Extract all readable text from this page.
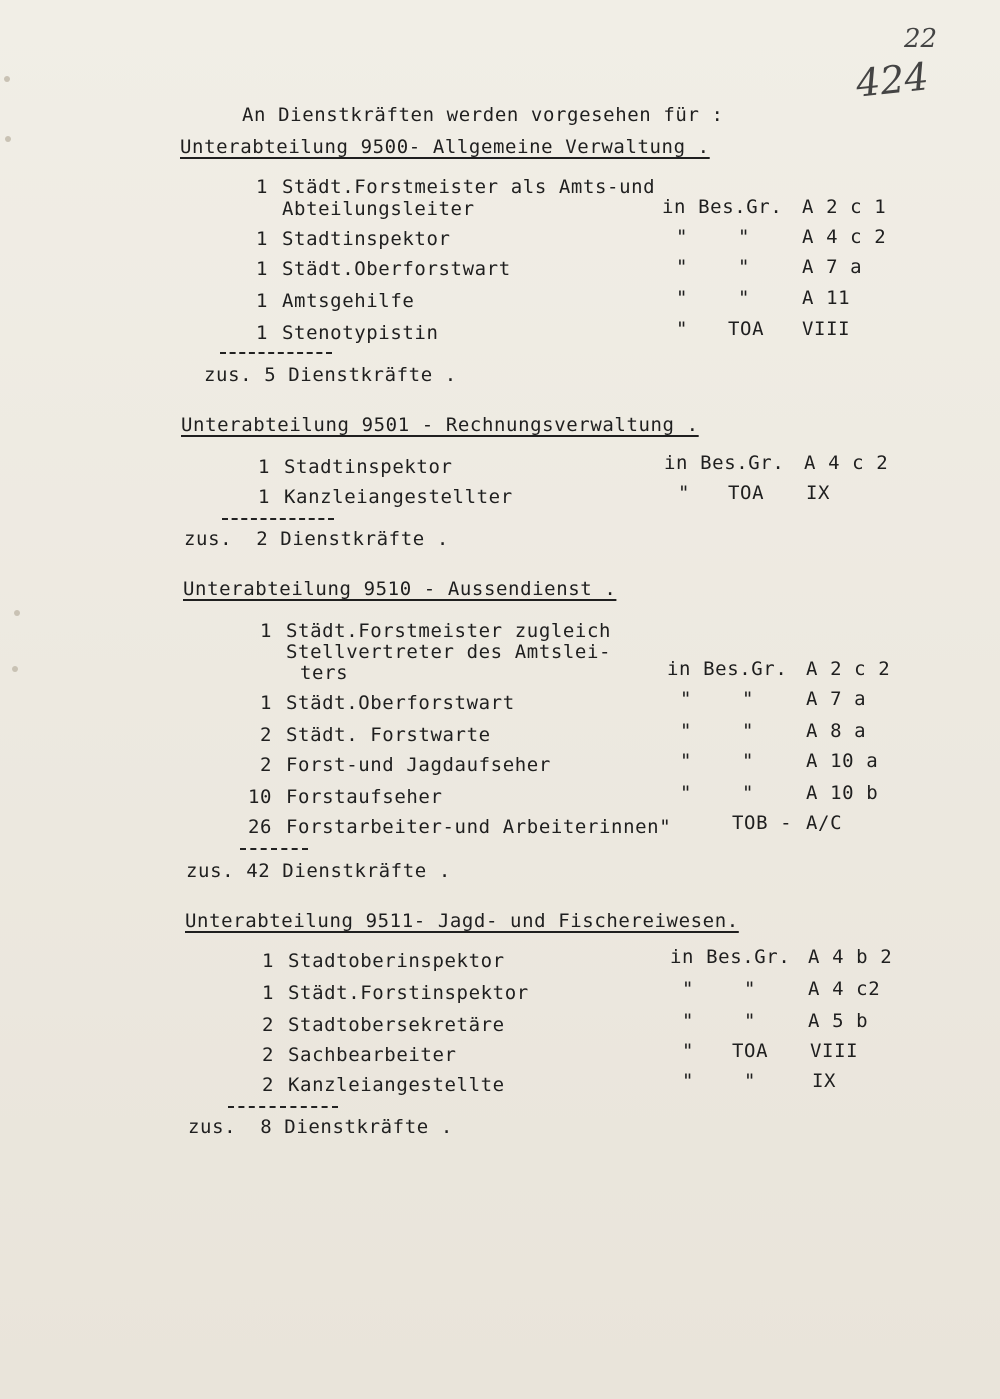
22
424
An Dienstkräften werden vorgesehen für :
Unterabteilung 9500- Allgemeine Verwaltung .
1 Städt.Forstmeister als Amts-und
Abteilungsleiter	in Bes.Gr. A 2 c 1
1 Stadtinspektor	"	"	A 4 c 2
1 Städt.Oberforstwart	"	"	A 7 a
1 Amtsgehilfe	"	"	A 11
1 Stenotypistin	" TOA VIII
zus. 5 Dienstkräfte .
Unterabteilung 9501 - Rechnungsverwaltung .
1 Stadtinspektor	in Bes.Gr. A 4 c 2
1 Kanzleiangestellter	" TOA IX
zus.  2 Dienstkräfte .
Unterabteilung 9510 - Aussendienst .
1 Städt.Forstmeister zugleich
Stellvertreter des Amtslei-
ters	in Bes.Gr. A 2 c 2
1 Städt.Oberforstwart	"	"	A 7 a
2 Städt. Forstwarte	"	"	A 8 a
2 Forst-und Jagdaufseher	"	"	A 10 a
10 Forstaufseher	"	"	A 10 b
26 Forstarbeiter-und Arbeiterinnen"	TOB - A/C
zus. 42 Dienstkräfte .
Unterabteilung 9511- Jagd- und Fischereiwesen.
1 Stadtoberinspektor	in Bes.Gr. A 4 b 2
1 Städt.Forstinspektor	"	"	A 4 c2
2 Stadtobersekretäre	"	"	A 5 b
2 Sachbearbeiter	" TOA VIII
2 Kanzleiangestellte	"	"	IX
zus.  8 Dienstkräfte .
